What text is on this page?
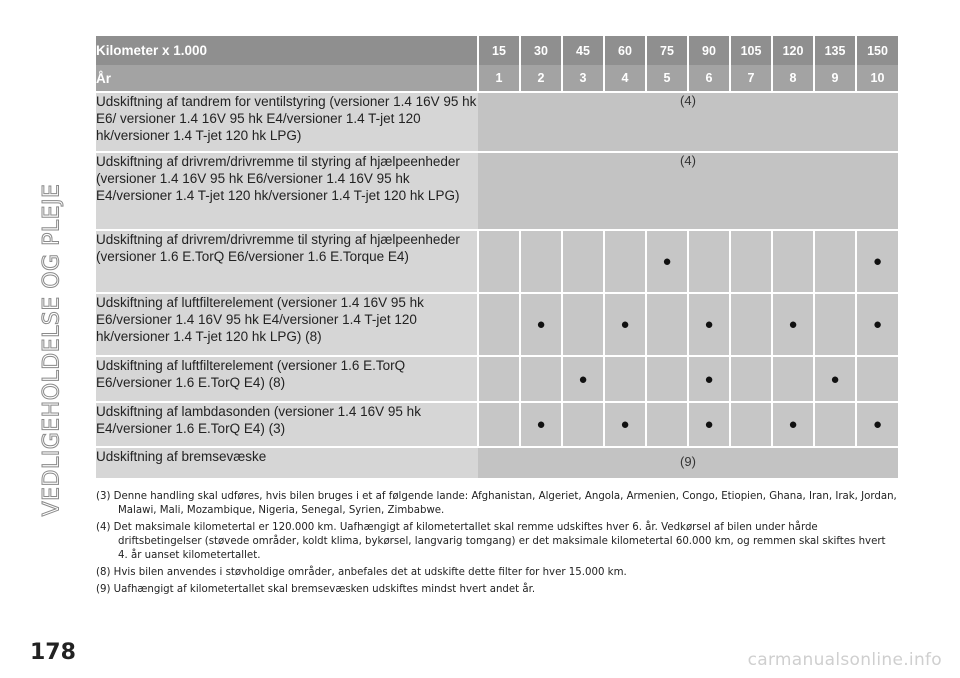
VEDLIGEHOLDELSE OG PLEJE
Kilometer x 1.000	15	30	45	60	75	90	105	120	135	150
År	1	2	3	4	5	6	7	8	9	10
Udskiftning af tandrem for ventilstyring (versioner 1.4 16V 95 hk E6/ versioner 1.4 16V 95 hk E4/versioner 1.4 T-jet 120 hk/versioner 1.4 T-jet 120 hk LPG)	(4)									
Udskiftning af drivrem/drivremme til styring af hjælpeenheder (versioner 1.4 16V 95 hk E6/versioner 1.4 16V 95 hk E4/versioner 1.4 T-jet 120 hk/versioner 1.4 T-jet 120 hk LPG)	(4)									
Udskiftning af drivrem/drivremme til styring af hjælpeenheder (versioner 1.6 E.TorQ E6/versioner 1.6 E.Torque E4)					●					●
Udskiftning af luftfilterelement (versioner 1.4 16V 95 hk E6/versioner 1.4 16V 95 hk E4/versioner 1.4 T-jet 120 hk/versioner 1.4 T-jet 120 hk LPG) (8)		●		●		●		●		●
Udskiftning af luftfilterelement (versioner 1.6 E.TorQ E6/versioner 1.6 E.TorQ E4) (8)			●			●			●	
Udskiftning af lambdasonden (versioner 1.4 16V 95 hk E4/versioner 1.6 E.TorQ E4) (3)		●		●		●		●		●
Udskiftning af bremsevæske	(9)									
(3) Denne handling skal udføres, hvis bilen bruges i et af følgende lande: Afghanistan, Algeriet, Angola, Armenien, Congo, Etiopien, Ghana, Iran, Irak, Jordan, Malawi, Mali, Mozambique, Nigeria, Senegal, Syrien, Zimbabwe.
(4) Det maksimale kilometertal er 120.000 km. Uafhængigt af kilometertallet skal remme udskiftes hver 6. år. Vedkørsel af bilen under hårde driftsbetingelser (støvede områder, koldt klima, bykørsel, langvarig tomgang) er det maksimale kilometertal 60.000 km, og remmen skal skiftes hvert 4. år uanset kilometertallet.
(8) Hvis bilen anvendes i støvholdige områder, anbefales det at udskifte dette filter for hver 15.000 km.
(9) Uafhængigt af kilometertallet skal bremsevæsken udskiftes mindst hvert andet år.
178	carmanualsonline.info
